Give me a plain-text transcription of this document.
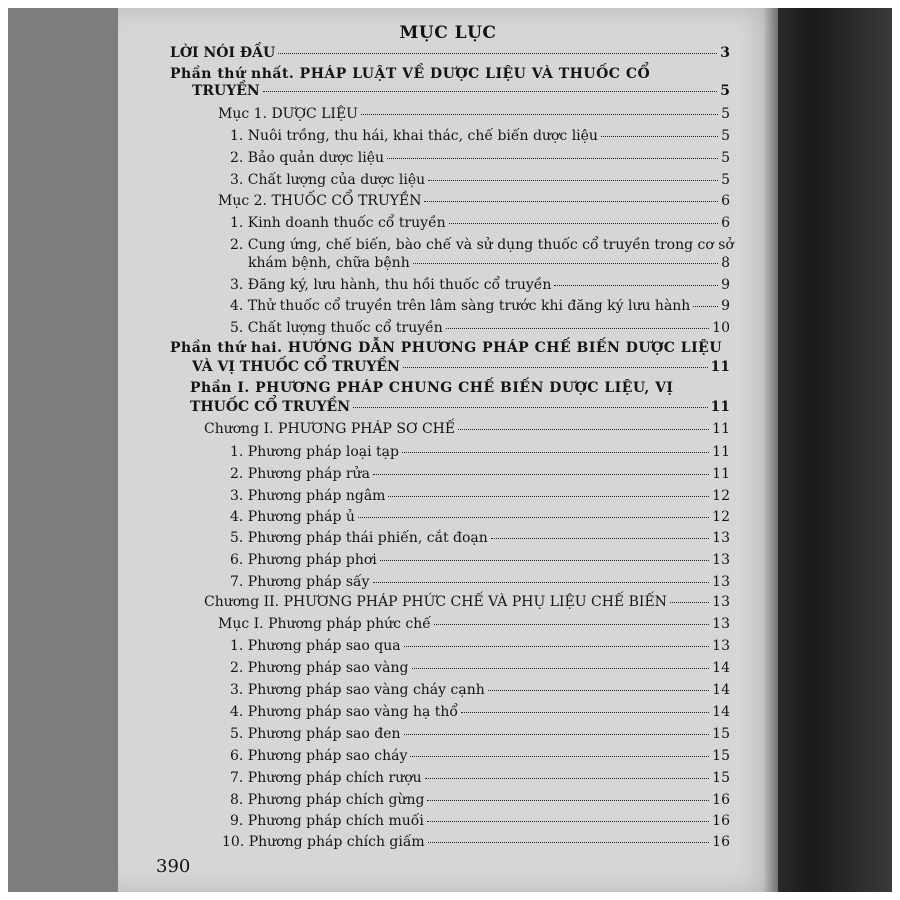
MỤC LỤC
LỜI NÓI ĐẦU	3
Phần thứ nhất. PHÁP LUẬT VỀ DƯỢC LIỆU VÀ THUỐC CỔ
TRUYỀN	5
Mục 1. DƯỢC LIỆU	5
1. Nuôi trồng, thu hái, khai thác, chế biến dược liệu	5
2. Bảo quản dược liệu	5
3. Chất lượng của dược liệu	5
Mục 2. THUỐC CỔ TRUYỀN	6
1. Kinh doanh thuốc cổ truyền	6
2. Cung ứng, chế biến, bào chế và sử dụng thuốc cổ truyền trong cơ sở
khám bệnh, chữa bệnh	8
3. Đăng ký, lưu hành, thu hồi thuốc cổ truyền	9
4. Thử thuốc cổ truyền trên lâm sàng trước khi đăng ký lưu hành 9
5. Chất lượng thuốc cổ truyền	10
Phần thứ hai. HƯỚNG DẪN PHƯƠNG PHÁP CHẾ BIẾN DƯỢC LIỆU
VÀ VỊ THUỐC CỔ TRUYỀN	11
Phần I. PHƯƠNG PHÁP CHUNG CHẾ BIẾN DƯỢC LIỆU, VỊ
THUỐC CỔ TRUYỀN	11
Chương I. PHƯƠNG PHÁP SƠ CHẾ	11
1. Phương pháp loại tạp	11
2. Phương pháp rửa	11
3. Phương pháp ngâm	12
4. Phương pháp ủ	12
5. Phương pháp thái phiến, cắt đoạn	13
6. Phương pháp phơi	13
7. Phương pháp sấy	13
Chương II. PHƯƠNG PHÁP PHỨC CHẾ VÀ PHỤ LIỆU CHẾ BIẾN	13
Mục I. Phương pháp phức chế	13
1. Phương pháp sao qua	13
2. Phương pháp sao vàng	14
3. Phương pháp sao vàng cháy cạnh	14
4. Phương pháp sao vàng hạ thổ	14
5. Phương pháp sao đen	15
6. Phương pháp sao cháy	15
7. Phương pháp chích rượu	15
8. Phương pháp chích gừng	16
9. Phương pháp chích muối	16
10. Phương pháp chích giấm	16
390
